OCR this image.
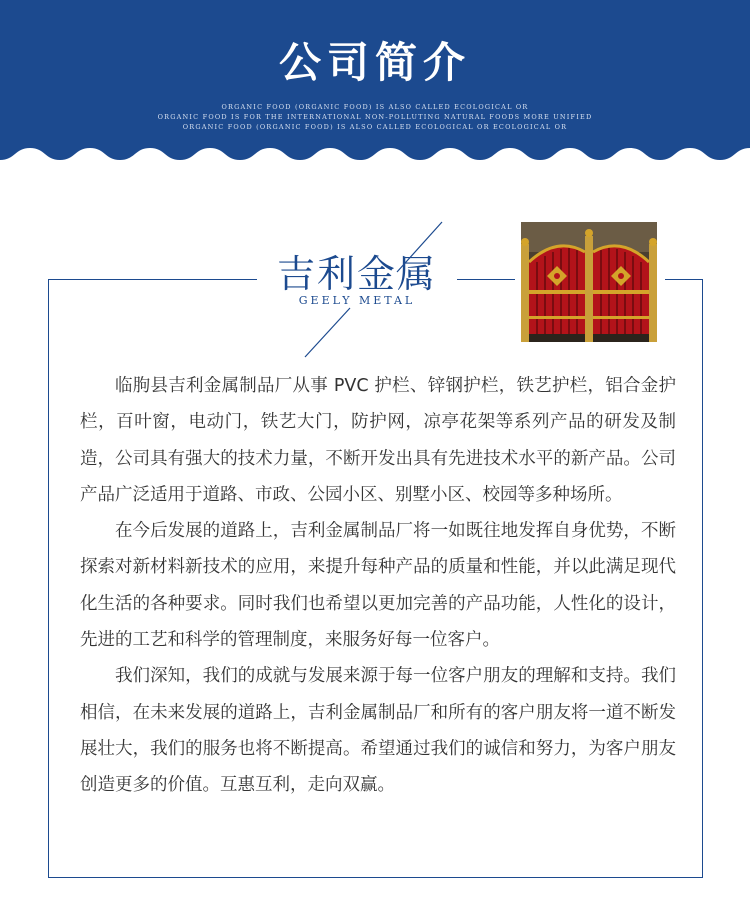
公司简介
ORGANIC FOOD (ORGANIC FOOD) IS ALSO CALLED ECOLOGICAL OR
ORGANIC FOOD IS FOR THE INTERNATIONAL NON-POLLUTING NATURAL FOODS MORE UNIFIED
ORGANIC FOOD (ORGANIC FOOD) IS ALSO CALLED ECOLOGICAL OR ECOLOGICAL OR
吉利金属
GEELY METAL

临朐县吉利金属制品厂从事 PVC 护栏、锌钢护栏，铁艺护栏，铝合金护栏，百叶窗，电动门，铁艺大门，防护网，凉亭花架等系列产品的研发及制造，公司具有强大的技术力量，不断开发出具有先进技术水平的新产品。公司产品广泛适用于道路、市政、公园小区、别墅小区、校园等多种场所。

在今后发展的道路上，吉利金属制品厂将一如既往地发挥自身优势，不断探索对新材料新技术的应用，来提升每种产品的质量和性能，并以此满足现代化生活的各种要求。同时我们也希望以更加完善的产品功能，人性化的设计，先进的工艺和科学的管理制度，来服务好每一位客户。

我们深知，我们的成就与发展来源于每一位客户朋友的理解和支持。我们相信，在未来发展的道路上，吉利金属制品厂和所有的客户朋友将一道不断发展壮大，我们的服务也将不断提高。希望通过我们的诚信和努力，为客户朋友创造更多的价值。互惠互利，走向双赢。
